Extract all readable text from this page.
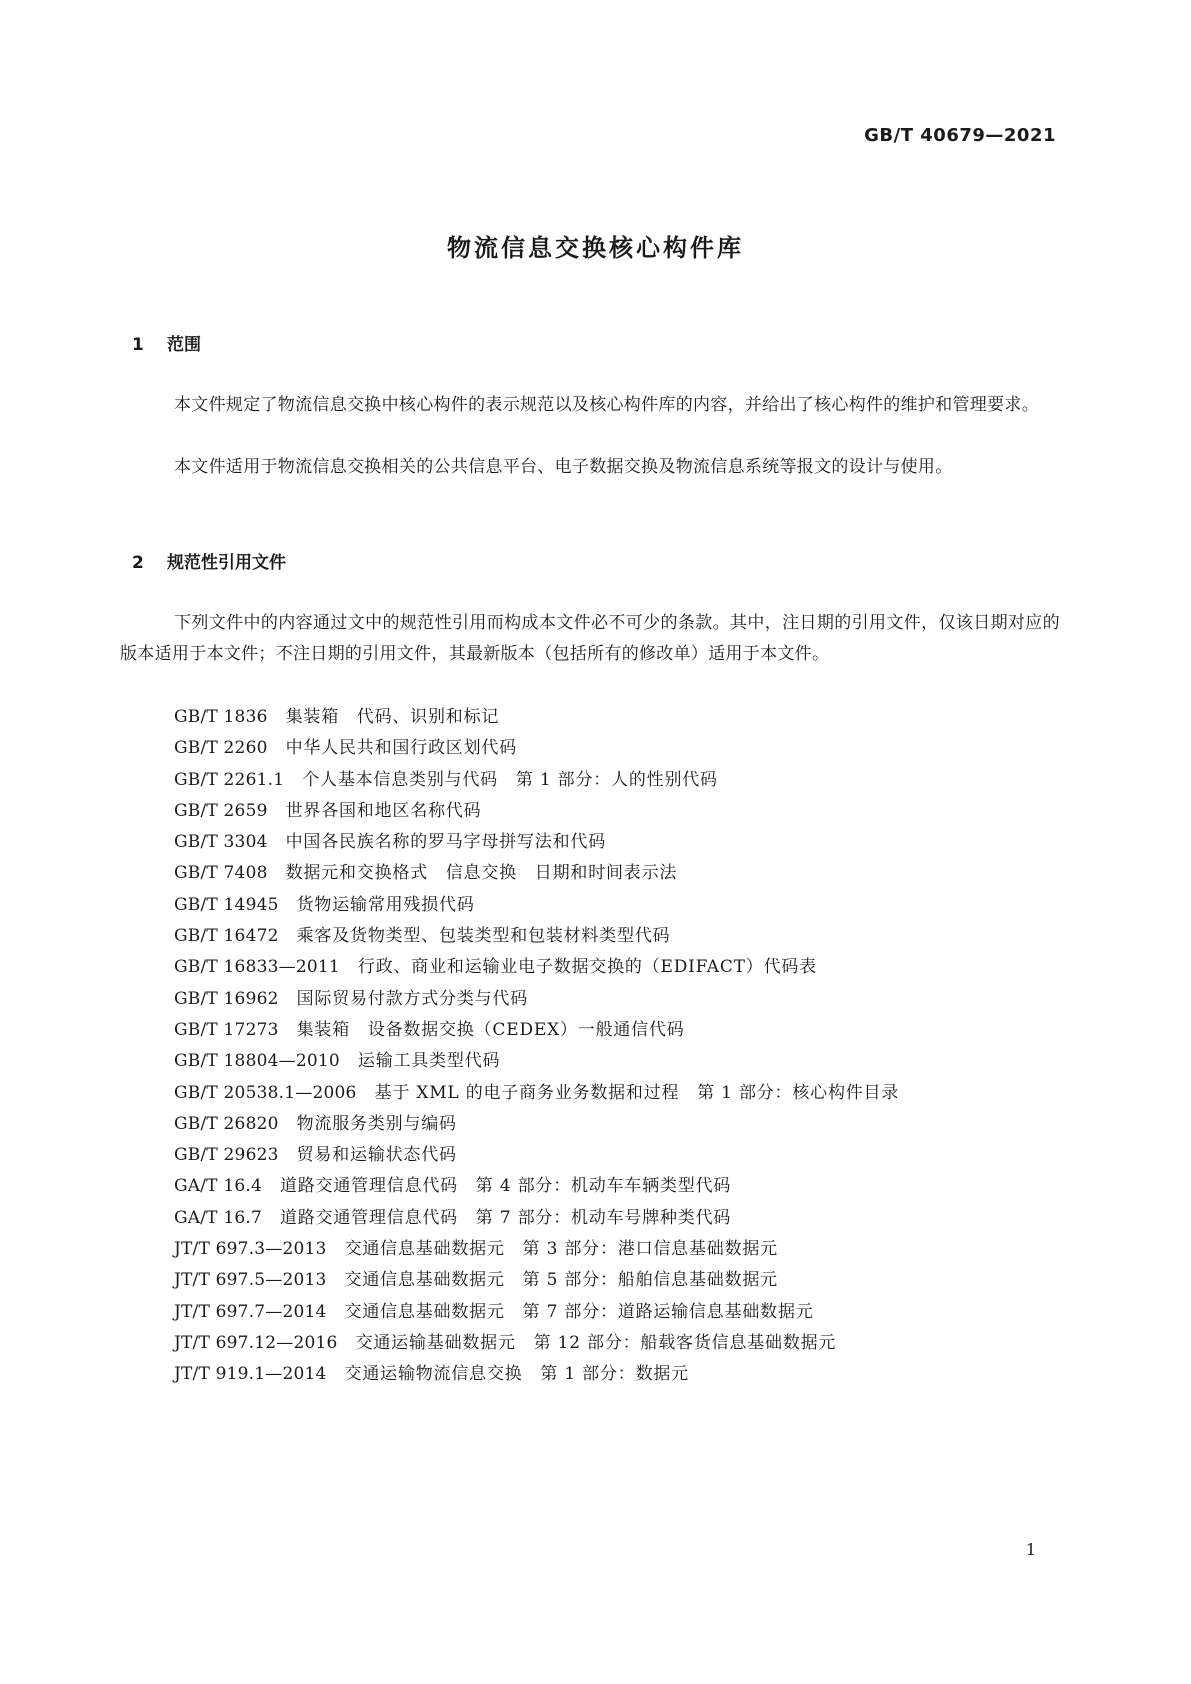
GB/T 40679—2021
物流信息交换核心构件库
1 范围

本文件规定了物流信息交换中核心构件的表示规范以及核心构件库的内容，并给出了核心构件的维护和管理要求。

本文件适用于物流信息交换相关的公共信息平台、电子数据交换及物流信息系统等报文的设计与使用。

2 规范性引用文件

下列文件中的内容通过文中的规范性引用而构成本文件必不可少的条款。其中，注日期的引用文件，仅该日期对应的版本适用于本文件；不注日期的引用文件，其最新版本（包括所有的修改单）适用于本文件。

GB/T 1836 集装箱　代码、识别和标记
GB/T 2260 中华人民共和国行政区划代码
GB/T 2261.1 个人基本信息类别与代码　第 1 部分：人的性别代码
GB/T 2659 世界各国和地区名称代码
GB/T 3304 中国各民族名称的罗马字母拼写法和代码
GB/T 7408 数据元和交换格式　信息交换　日期和时间表示法
GB/T 14945 货物运输常用残损代码
GB/T 16472 乘客及货物类型、包装类型和包装材料类型代码
GB/T 16833—2011 行政、商业和运输业电子数据交换的（EDIFACT）代码表
GB/T 16962 国际贸易付款方式分类与代码
GB/T 17273 集装箱　设备数据交换（CEDEX）一般通信代码
GB/T 18804—2010 运输工具类型代码
GB/T 20538.1—2006 基于 XML 的电子商务业务数据和过程　第 1 部分：核心构件目录
GB/T 26820 物流服务类别与编码
GB/T 29623 贸易和运输状态代码
GA/T 16.4 道路交通管理信息代码　第 4 部分：机动车车辆类型代码
GA/T 16.7 道路交通管理信息代码　第 7 部分：机动车号牌种类代码
JT/T 697.3—2013 交通信息基础数据元　第 3 部分：港口信息基础数据元
JT/T 697.5—2013 交通信息基础数据元　第 5 部分：船舶信息基础数据元
JT/T 697.7—2014 交通信息基础数据元　第 7 部分：道路运输信息基础数据元
JT/T 697.12—2016 交通运输基础数据元　第 12 部分：船载客货信息基础数据元
JT/T 919.1—2014 交通运输物流信息交换　第 1 部分：数据元
1
